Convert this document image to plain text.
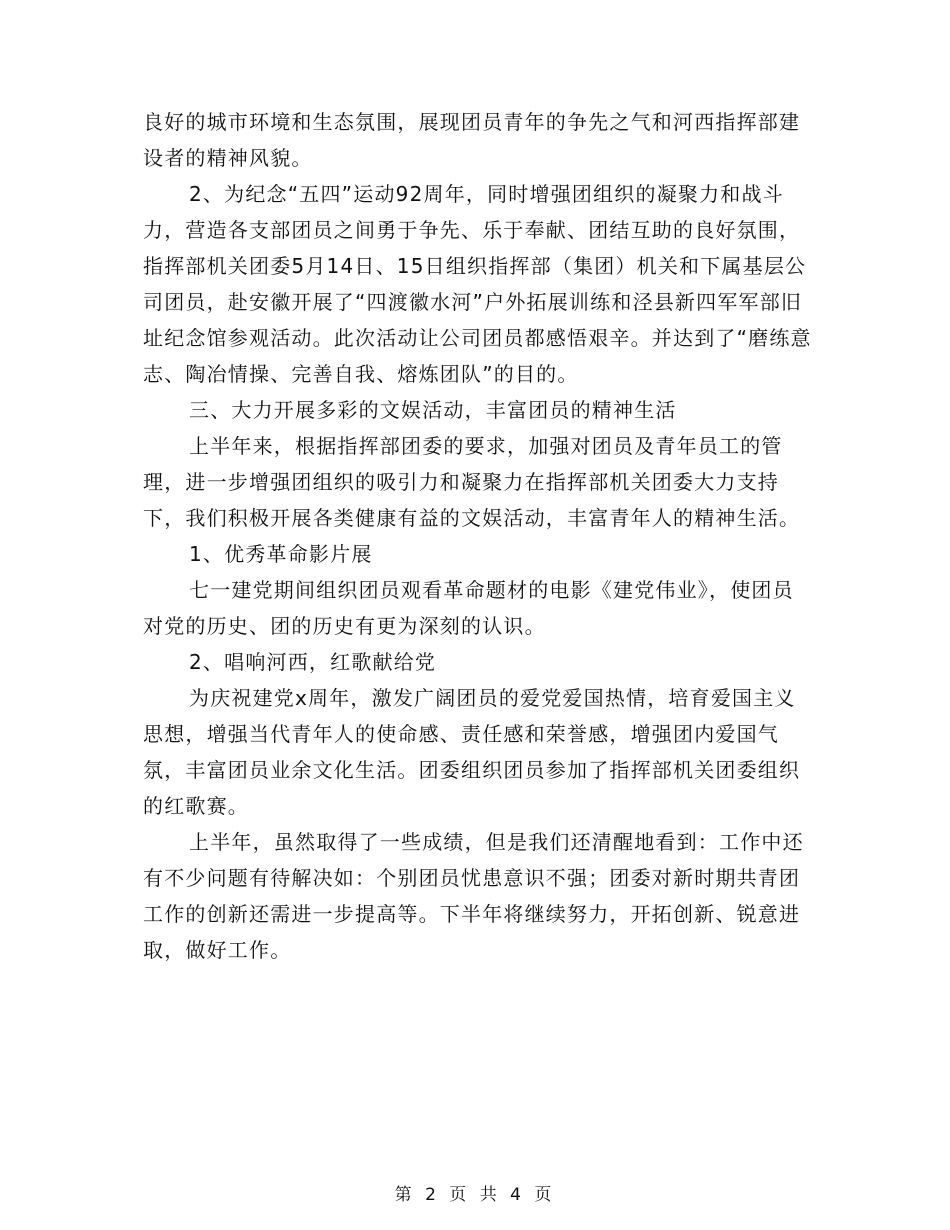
良好的城市环境和生态氛围，展现团员青年的争先之气和河西指挥部建设者的精神风貌。

2、为纪念“五四”运动92周年，同时增强团组织的凝聚力和战斗力，营造各支部团员之间勇于争先、乐于奉献、团结互助的良好氛围，指挥部机关团委5月14日、15日组织指挥部（集团）机关和下属基层公司团员，赴安徽开展了“四渡徽水河”户外拓展训练和泾县新四军军部旧址纪念馆参观活动。此次活动让公司团员都感悟艰辛。并达到了“磨练意志、陶冶情操、完善自我、熔炼团队”的目的。

三、大力开展多彩的文娱活动，丰富团员的精神生活

上半年来，根据指挥部团委的要求，加强对团员及青年员工的管理，进一步增强团组织的吸引力和凝聚力在指挥部机关团委大力支持下，我们积极开展各类健康有益的文娱活动，丰富青年人的精神生活。

1、优秀革命影片展

七一建党期间组织团员观看革命题材的电影《建党伟业》，使团员对党的历史、团的历史有更为深刻的认识。

2、唱响河西，红歌献给党

为庆祝建党x周年，激发广阔团员的爱党爱国热情，培育爱国主义思想，增强当代青年人的使命感、责任感和荣誉感，增强团内爱国气氛，丰富团员业余文化生活。团委组织团员参加了指挥部机关团委组织的红歌赛。

上半年，虽然取得了一些成绩，但是我们还清醒地看到：工作中还有不少问题有待解决如：个别团员忧患意识不强；团委对新时期共青团工作的创新还需进一步提高等。下半年将继续努力，开拓创新、锐意进取，做好工作。

第 2 页 共 4 页
